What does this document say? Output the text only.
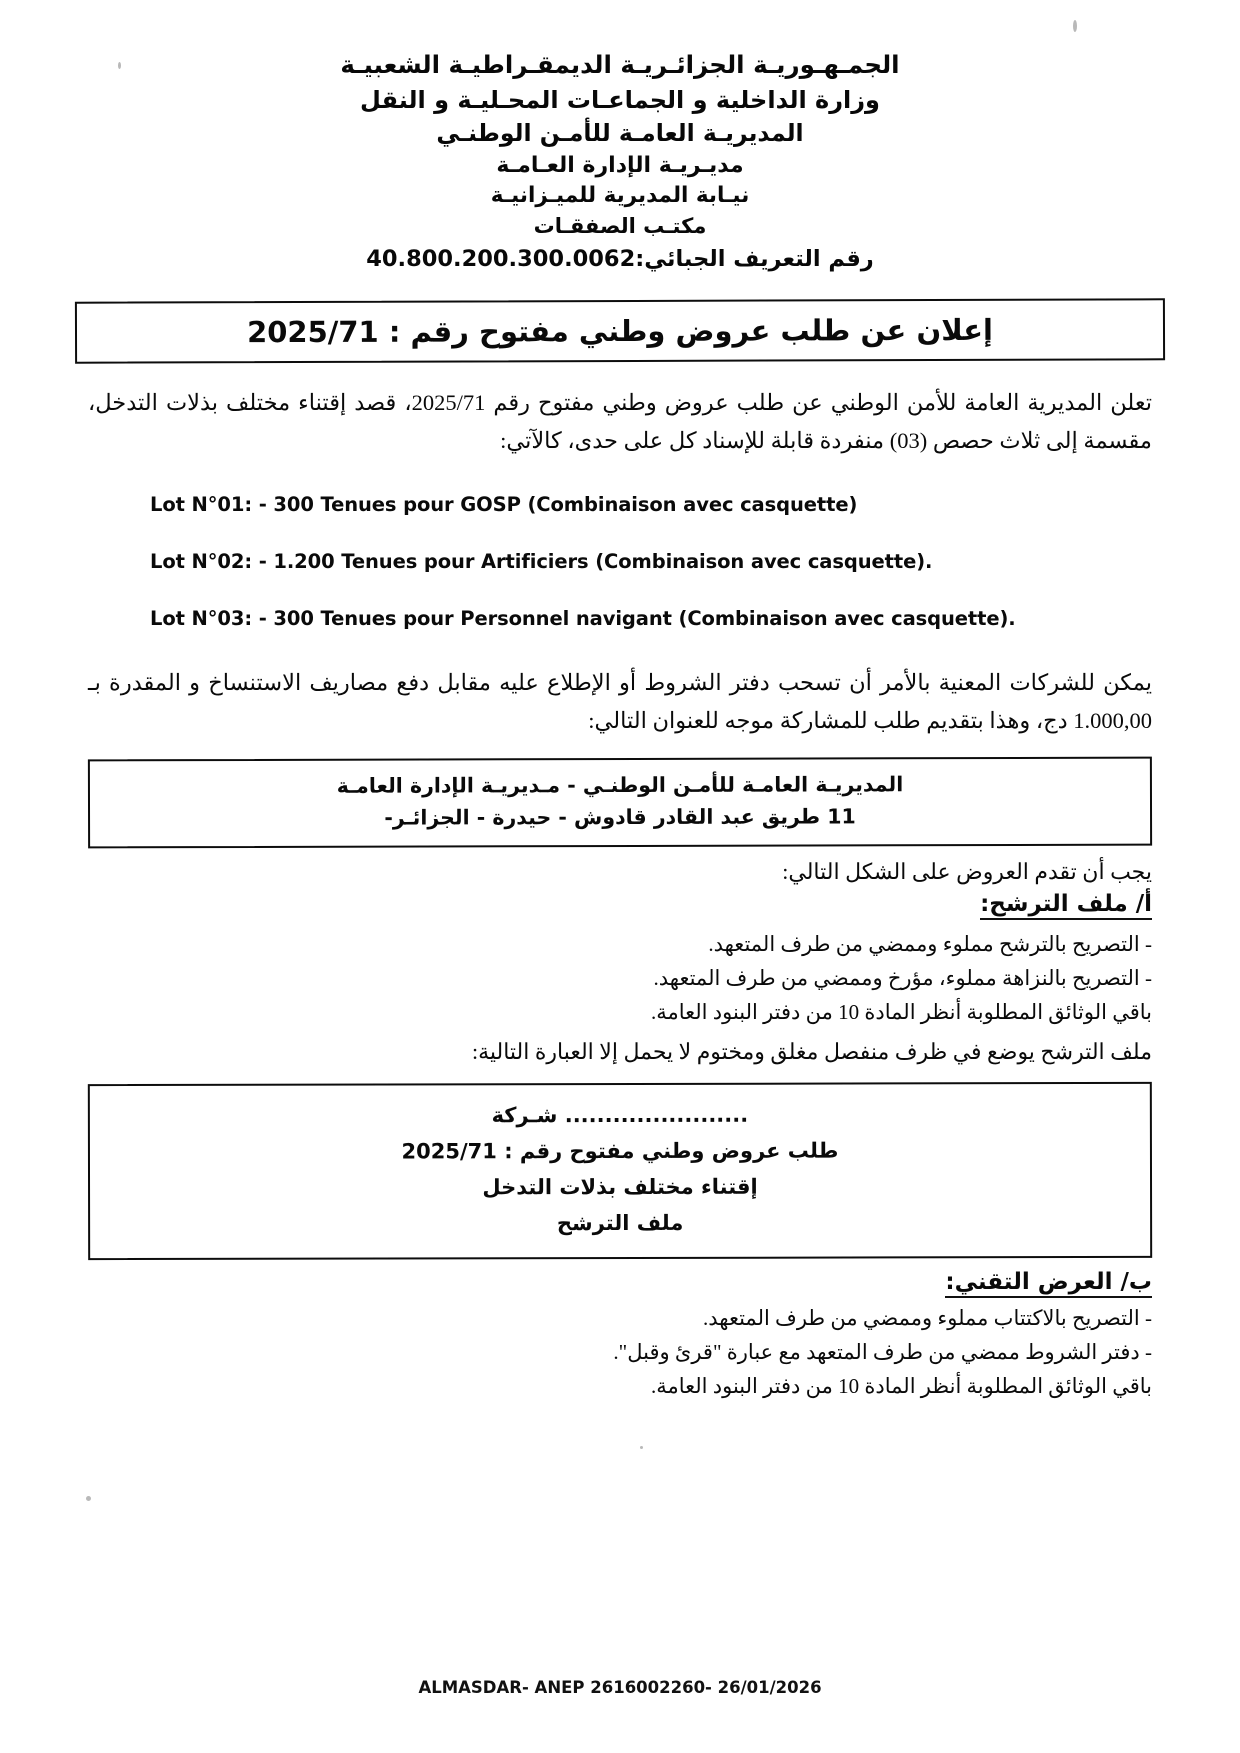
الجمـهـوريـة الجزائـريـة الديمقـراطيـة الشعبيـة
وزارة الداخلية و الجماعـات المحـليـة و النقل
المديريـة العامـة للأمـن الوطنـي
مديـريـة الإدارة العـامـة
نيـابة المديرية للميـزانيـة
مكتـب الصفقـات
رقم التعريف الجبائي:40.800.200.300.0062
إعلان عن طلب عروض وطني مفتوح رقم : 2025/71
تعلن المديرية العامة للأمن الوطني عن طلب عروض وطني مفتوح رقم 2025/71، قصد إقتناء مختلف بذلات التدخل، مقسمة إلى ثلاث حصص (03) منفردة قابلة للإسناد كل على حدى، كالآتي:
Lot N°01: - 300 Tenues pour GOSP (Combinaison avec casquette)
Lot N°02: - 1.200 Tenues pour Artificiers (Combinaison avec casquette).
Lot N°03: - 300 Tenues pour Personnel navigant (Combinaison avec casquette).
يمكن للشركات المعنية بالأمر أن تسحب دفتر الشروط أو الإطلاع عليه مقابل دفع مصاريف الاستنساخ و المقدرة بـ 1.000,00 دج، وهذا بتقديم طلب للمشاركة موجه للعنوان التالي:
المديريـة العامـة للأمـن الوطنـي - مـديريـة الإدارة العامـة
11 طريق عبد القادر قادوش - حيدرة - الجزائـر-
يجب أن تقدم العروض على الشكل التالي:
أ/ ملف الترشح:
- التصريح بالترشح مملوء وممضي من طرف المتعهد.
- التصريح بالنزاهة مملوء، مؤرخ وممضي من طرف المتعهد.
باقي الوثائق المطلوبة أنظر المادة 10 من دفتر البنود العامة.
ملف الترشح يوضع في ظرف منفصل مغلق ومختوم لا يحمل إلا العبارة التالية:
....................... شـركة
طلب عروض وطني مفتوح رقم : 2025/71
إقتناء مختلف بذلات التدخل
ملف الترشح
ب/ العرض التقني:
- التصريح بالاكتتاب مملوء وممضي من طرف المتعهد.
- دفتر الشروط ممضي من طرف المتعهد مع عبارة "قرئ وقبل".
باقي الوثائق المطلوبة أنظر المادة 10 من دفتر البنود العامة.
ALMASDAR- ANEP 2616002260- 26/01/2026
